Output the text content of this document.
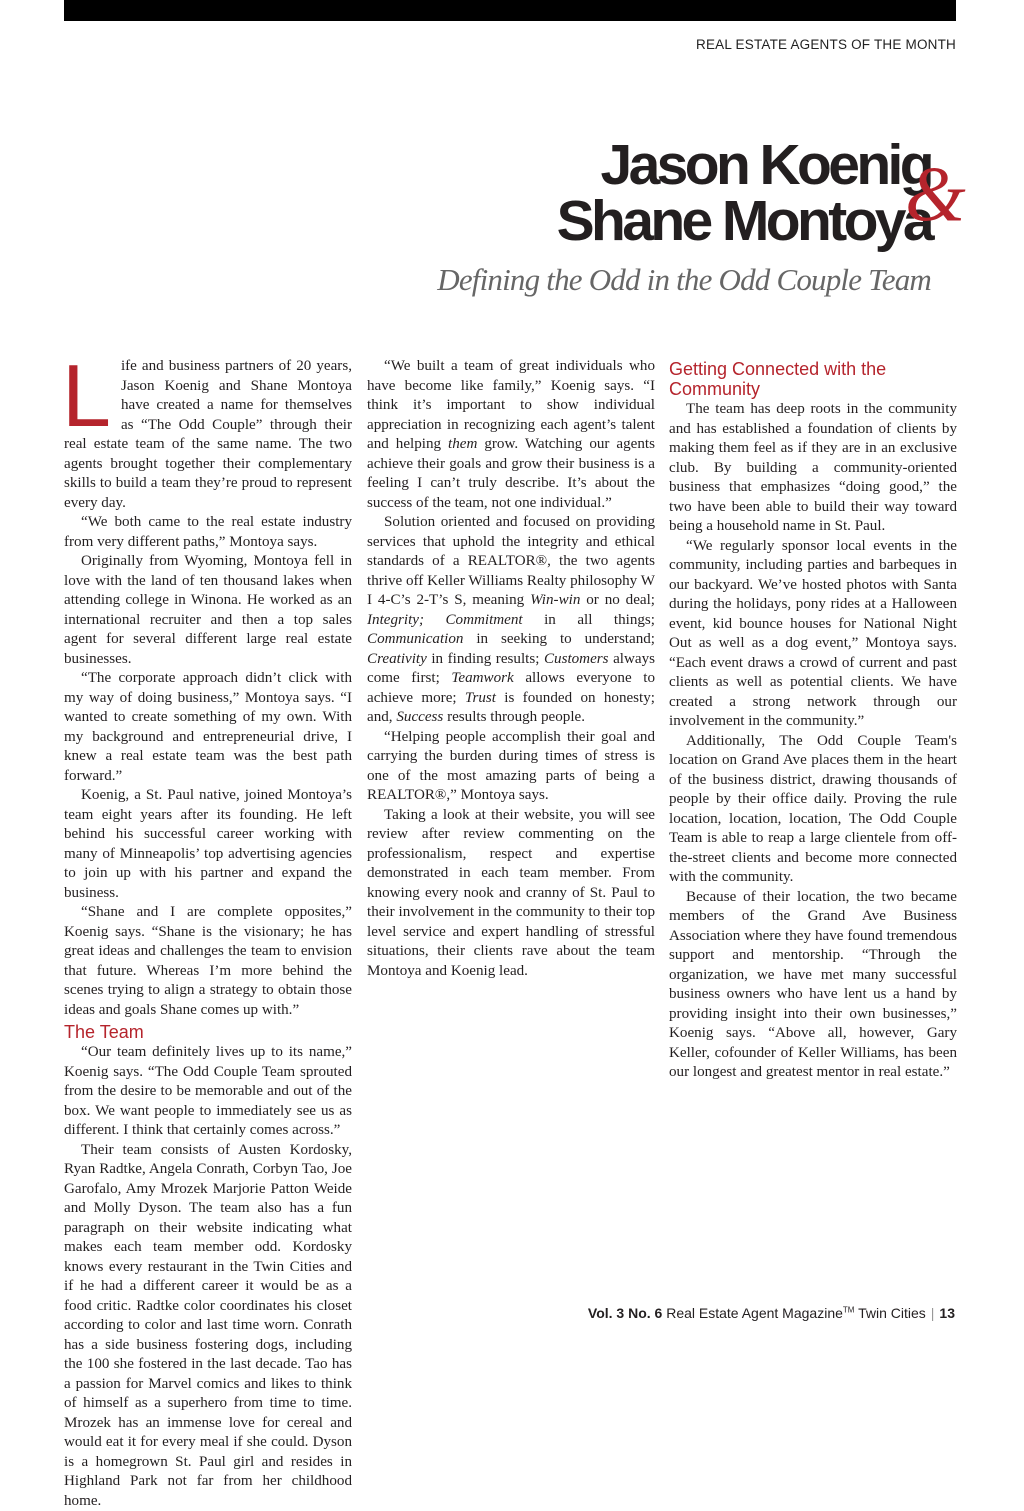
REAL ESTATE AGENTS OF THE MONTH
Jason Koenig
Shane Montoya
&
Defining the Odd in the Odd Couple Team

Life and business partners of 20 years, Jason Koenig and Shane Montoya have created a name for themselves as “The Odd Couple” through their real estate team of the same name. The two agents brought together their complementary skills to build a team they’re proud to represent every day.

“We both came to the real estate industry from very different paths,” Montoya says.

Originally from Wyoming, Montoya fell in love with the land of ten thousand lakes when attending college in Winona. He worked as an international recruiter and then a top sales agent for several different large real estate businesses.

“The corporate approach didn’t click with my way of doing business,” Montoya says. “I wanted to create something of my own. With my background and entrepreneurial drive, I knew a real estate team was the best path forward.”

Koenig, a St. Paul native, joined Montoya’s team eight years after its founding. He left behind his successful career working with many of Minneapolis’ top advertising agencies to join up with his partner and expand the business.

“Shane and I are complete opposites,” Koenig says. “Shane is the visionary; he has great ideas and challenges the team to envision that future. Whereas I’m more behind the scenes trying to align a strategy to obtain those ideas and goals Shane comes up with.”

The Team

“Our team definitely lives up to its name,” Koenig says. “The Odd Couple Team sprouted from the desire to be memorable and out of the box. We want people to immediately see us as different. I think that certainly comes across.”

Their team consists of Austen Kordosky, Ryan Radtke, Angela Conrath, Corbyn Tao, Joe Garofalo, Amy Mrozek Marjorie Patton Weide and Molly Dyson. The team also has a fun paragraph on their website indicating what makes each team member odd. Kordosky knows every restaurant in the Twin Cities and if he had a different career it would be as a food critic. Radtke color coordinates his closet according to color and last time worn. Conrath has a side business fostering dogs, including the 100 she fostered in the last decade. Tao has a passion for Marvel comics and likes to think of himself as a superhero from time to time. Mrozek has an immense love for cereal and would eat it for every meal if she could. Dyson is a homegrown St. Paul girl and resides in Highland Park not far from her childhood home.

“We built a team of great individuals who have become like family,” Koenig says. “I think it’s important to show individual appreciation in recognizing each agent’s talent and helping them grow. Watching our agents achieve their goals and grow their business is a feeling I can’t truly describe. It’s about the success of the team, not one individual.”

Solution oriented and focused on providing services that uphold the integrity and ethical standards of a REALTOR®, the two agents thrive off Keller Williams Realty philosophy W I 4-C’s 2-T’s S, meaning Win-win or no deal; Integrity; Commitment in all things; Communication in seeking to understand; Creativity in finding results; Customers always come first; Teamwork allows everyone to achieve more; Trust is founded on honesty; and, Success results through people.

“Helping people accomplish their goal and carrying the burden during times of stress is one of the most amazing parts of being a REALTOR®,” Montoya says.

Taking a look at their website, you will see review after review commenting on the professionalism, respect and expertise demonstrated in each team member. From knowing every nook and cranny of St. Paul to their involvement in the community to their top level service and expert handling of stressful situations, their clients rave about the team Montoya and Koenig lead.

Getting Connected with the Community

The team has deep roots in the community and has established a foundation of clients by making them feel as if they are in an exclusive club. By building a community-oriented business that emphasizes “doing good,” the two have been able to build their way toward being a household name in St. Paul.

“We regularly sponsor local events in the community, including parties and barbeques in our backyard. We’ve hosted photos with Santa during the holidays, pony rides at a Halloween event, kid bounce houses for National Night Out as well as a dog event,” Montoya says. “Each event draws a crowd of current and past clients as well as potential clients. We have created a strong network through our involvement in the community.”

Additionally, The Odd Couple Team's location on Grand Ave places them in the heart of the business district, drawing thousands of people by their office daily. Proving the rule location, location, location, The Odd Couple Team is able to reap a large clientele from off-the-street clients and become more connected with the community.

Because of their location, the two became members of the Grand Ave Business Association where they have found tremendous support and mentorship. “Through the organization, we have met many successful business owners who have lent us a hand by providing insight into their own businesses,” Koenig says. “Above all, however, Gary Keller, cofounder of Keller Williams, has been our longest and greatest mentor in real estate.”

Vol. 3 No. 6 Real Estate Agent Magazine™ Twin Cities | 13
